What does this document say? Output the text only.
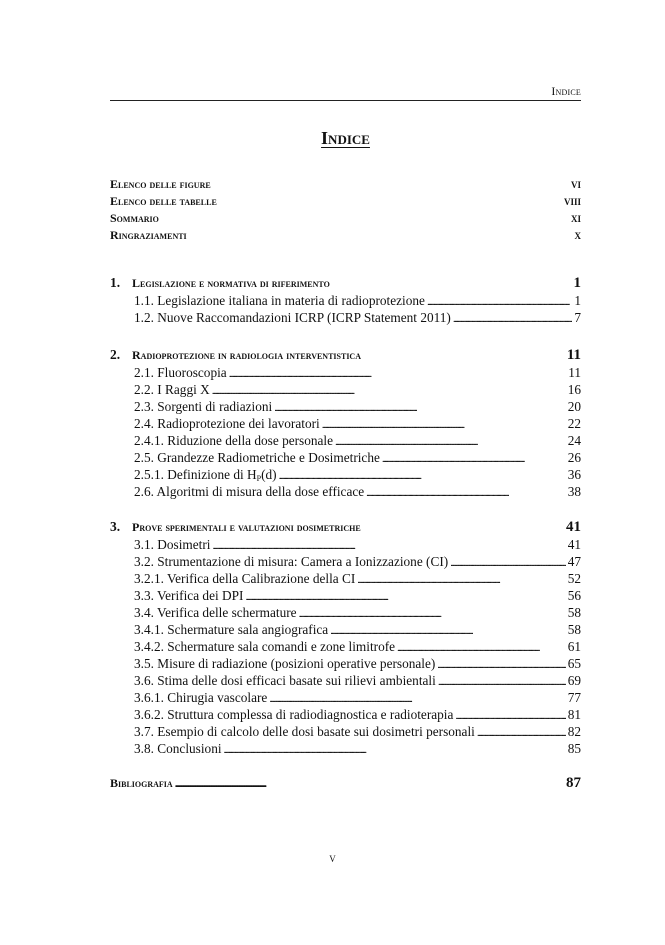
Indice
Indice
Elenco delle figure	vi
Elenco delle tabelle	viii
Sommario	xi
Ringraziamenti	x
1. Legislazione e normativa di riferimento	1
1.1. Legislazione italiana in materia di radioprotezione . . .	1
1.2. Nuove Raccomandazioni ICRP (ICRP Statement 2011) . . .	7
2. Radioprotezione in radiologia interventistica	11
2.1. Fluoroscopia . . .	11
2.2. I Raggi X . . .	16
2.3. Sorgenti di radiazioni . . .	20
2.4. Radioprotezione dei lavoratori . . .	22
2.4.1. Riduzione della dose personale . . .	24
2.5. Grandezze Radiometriche e Dosimetriche . . .	26
2.5.1. Definizione di $H_P(d)$ . . .	36
2.6. Algoritmi di misura della dose efficace . . .	38
3. Prove sperimentali e valutazioni dosimetriche	41
3.1. Dosimetri . . .	41
3.2. Strumentazione di misura: Camera a Ionizzazione (CI) . . .	47
3.2.1. Verifica della Calibrazione della CI . . .	52
3.3. Verifica dei DPI . . .	56
3.4. Verifica delle schermature . . .	58
3.4.1. Schermature sala angiografica . . .	58
3.4.2. Schermature sala comandi e zone limitrofe . . .	61
3.5. Misure di radiazione (posizioni operative personale) . . .	65
3.6. Stima delle dosi efficaci basate sui rilievi ambientali . . .	69
3.6.1. Chirugia vascolare . . .	77
3.6.2. Struttura complessa di radiodiagnostica e radioterapia . . .	81
3.7. Esempio di calcolo delle dosi basate sui dosimetri personali . . .	82
3.8. Conclusioni . . .	85
Bibliografia . . .	87
v
